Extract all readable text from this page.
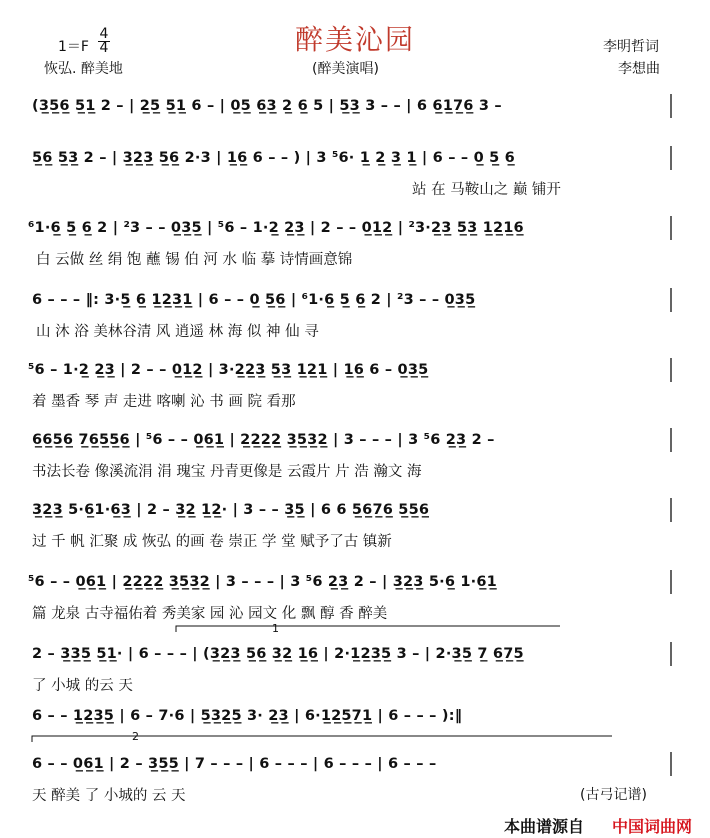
醉美沁园
1＝F
4
4
恢弘. 醉美地	(醉美演唱)
李明哲词
李想曲
(3̲5̲6̲ 5̲1̲ 2 – | 2̲5̲ 5̲1̲ 6 – | 0̲5̲ 6̲3̲ 2̲ 6̲ 5 | 5̲3̲ 3 – – | 6 6̲1̲7̲6̲ 3 –
5̲6̲ 5̲3̲ 2 – | 3̲2̲3̲ 5̲6̲ 2·3 | 1̲6̲ 6 – – ) | 3 ⁵6· 1̲ 2̲ 3̲ 1̲ | 6 – – 0̲ 5̲ 6̲
站 在 马鞍山之 巅 铺开
⁶1·6̲ 5̲ 6̲ 2 | ²3 – – 0̲3̲5̲ | ⁵6 – 1·2̲ 2̲3̲ | 2 – – 0̲1̲2̲ | ²3·2̲3̲ 5̲3̲ 1̲2̲1̲6̲
白 云做 丝 绢 饱 蘸 锡 伯 河 水 临 摹 诗情画意锦
6 – – – ‖: 3·5̲ 6̲ 1̲2̲3̲1̲ | 6 – – 0̲ 5̲6̲ | ⁶1·6̲ 5̲ 6̲ 2 | ²3 – – 0̲3̲5̲
山 沐 浴 美林谷清 风 逍遥 林 海 似 神 仙 寻
⁵6 – 1·2̲ 2̲3̲ | 2 – – 0̲1̲2̲ | 3·2̲2̲3̲ 5̲3̲ 1̲2̲1̲ | 1̲6̲ 6 – 0̲3̲5̲
着 墨香 琴 声 走进 喀喇 沁 书 画 院 看那
6̲6̲5̲6̲ 7̲6̲5̲5̲6̲ | ⁵6 – – 0̲6̲1̲ | 2̲2̲2̲2̲ 3̲5̲3̲2̲ | 3 – – – | 3 ⁵6 2̲3̲ 2 –
书法长卷 像溪流涓 涓 瑰宝 丹青更像是 云霞片 片 浩 瀚文 海
3̲2̲3̲ 5·6̲1·6̲3̲ | 2 – 3̲2̲ 1̲2̲· | 3 – – 3̲5̲ | 6 6 5̲6̲7̲6̲ 5̲5̲6̲
过 千 帆 汇聚 成 恢弘 的画 卷 崇正 学 堂 赋予了古 镇新
⁵6 – – 0̲6̲1̲ | 2̲2̲2̲2̲ 3̲5̲3̲2̲ | 3 – – – | 3 ⁵6 2̲3̲ 2 – | 3̲2̲3̲ 5·6̲ 1·6̲1̲
篇 龙泉 古寺福佑着 秀美家 园 沁 园文 化 飘 醇 香 醉美
1
2 – 3̲3̲5̲ 5̲1̲· | 6 – – – | (3̲2̲3̲ 5̲6̲ 3̲2̲ 1̲6̲ | 2·1̲2̲3̲5̲ 3 – | 2·3̲5̲ 7̲ 6̲7̲5̲
了 小城 的云 天
6 – – 1̲2̲3̲5̲ | 6 – 7·6 | 5̲3̲2̲5̲ 3· 2̲3̲ | 6·1̲2̲5̲7̲1̲ | 6 – – – ):‖
2
6 – – 0̲6̲1̲ | 2 – 3̲5̲5̲ | 7 – – – | 6 – – – | 6 – – – | 6 – – –
天 醉美 了 小城的 云 天	(古弓记谱)
本曲谱源自 中国词曲网
